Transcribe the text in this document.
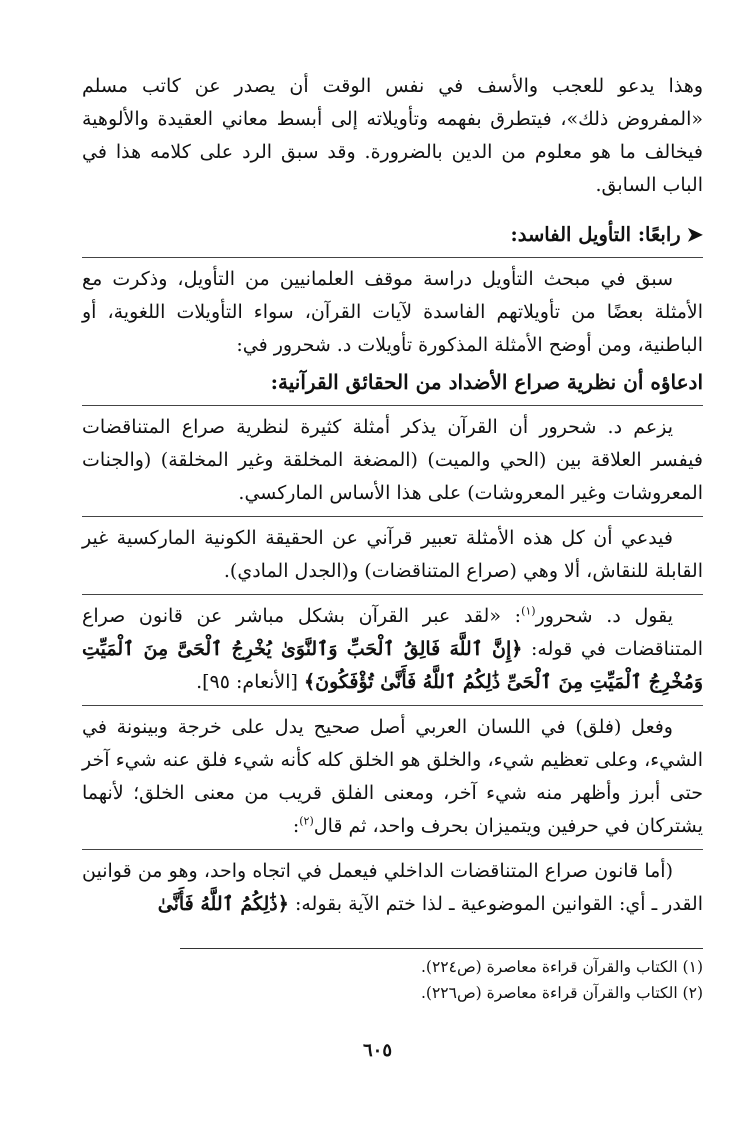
وهذا يدعو للعجب والأسف في نفس الوقت أن يصدر عن كاتب مسلم «المفروض ذلك»، فيتطرق بفهمه وتأويلاته إلى أبسط معاني العقيدة والألوهية فيخالف ما هو معلوم من الدين بالضرورة. وقد سبق الرد على كلامه هذا في الباب السابق.

➤رابعًا: التأويل الفاسد:

سبق في مبحث التأويل دراسة موقف العلمانيين من التأويل، وذكرت مع الأمثلة بعضًا من تأويلاتهم الفاسدة لآيات القرآن، سواء التأويلات اللغوية، أو الباطنية، ومن أوضح الأمثلة المذكورة تأويلات د. شحرور في:

ادعاؤه أن نظرية صراع الأضداد من الحقائق القرآنية:

يزعم د. شحرور أن القرآن يذكر أمثلة كثيرة لنظرية صراع المتناقضات فيفسر العلاقة بين (الحي والميت) (المضغة المخلقة وغير المخلقة) (والجنات المعروشات وغير المعروشات) على هذا الأساس الماركسي.

فيدعي أن كل هذه الأمثلة تعبير قرآني عن الحقيقة الكونية الماركسية غير القابلة للنقاش، ألا وهي (صراع المتناقضات) و(الجدل المادي).

يقول د. شحرور$^{(١)}$: «لقد عبر القرآن بشكل مباشر عن قانون صراع المتناقضات في قوله: ﴿إِنَّ ٱللَّهَ فَالِقُ ٱلْحَبِّ وَٱلنَّوَىٰ يُخْرِجُ ٱلْحَىَّ مِنَ ٱلْمَيِّتِ وَمُخْرِجُ ٱلْمَيِّتِ مِنَ ٱلْحَىِّ ذَٰلِكُمُ ٱللَّهُ فَأَنَّىٰ تُؤْفَكُونَ﴾ [الأنعام: ٩٥].

وفعل (فلق) في اللسان العربي أصل صحيح يدل على خرجة وبينونة في الشيء، وعلى تعظيم شيء، والخلق هو الخلق كله كأنه شيء فلق عنه شيء آخر حتى أبرز وأظهر منه شيء آخر، ومعنى الفلق قريب من معنى الخلق؛ لأنهما يشتركان في حرفين ويتميزان بحرف واحد، ثم قال$^{(٢)}$:

(أما قانون صراع المتناقضات الداخلي فيعمل في اتجاه واحد، وهو من قوانين القدر ـ أي: القوانين الموضوعية ـ لذا ختم الآية بقوله: ﴿ذَٰلِكُمُ ٱللَّهُ فَأَنَّىٰ

(١) الكتاب والقرآن قراءة معاصرة (ص٢٢٤).
(٢) الكتاب والقرآن قراءة معاصرة (ص٢٢٦).
٦٠٥
